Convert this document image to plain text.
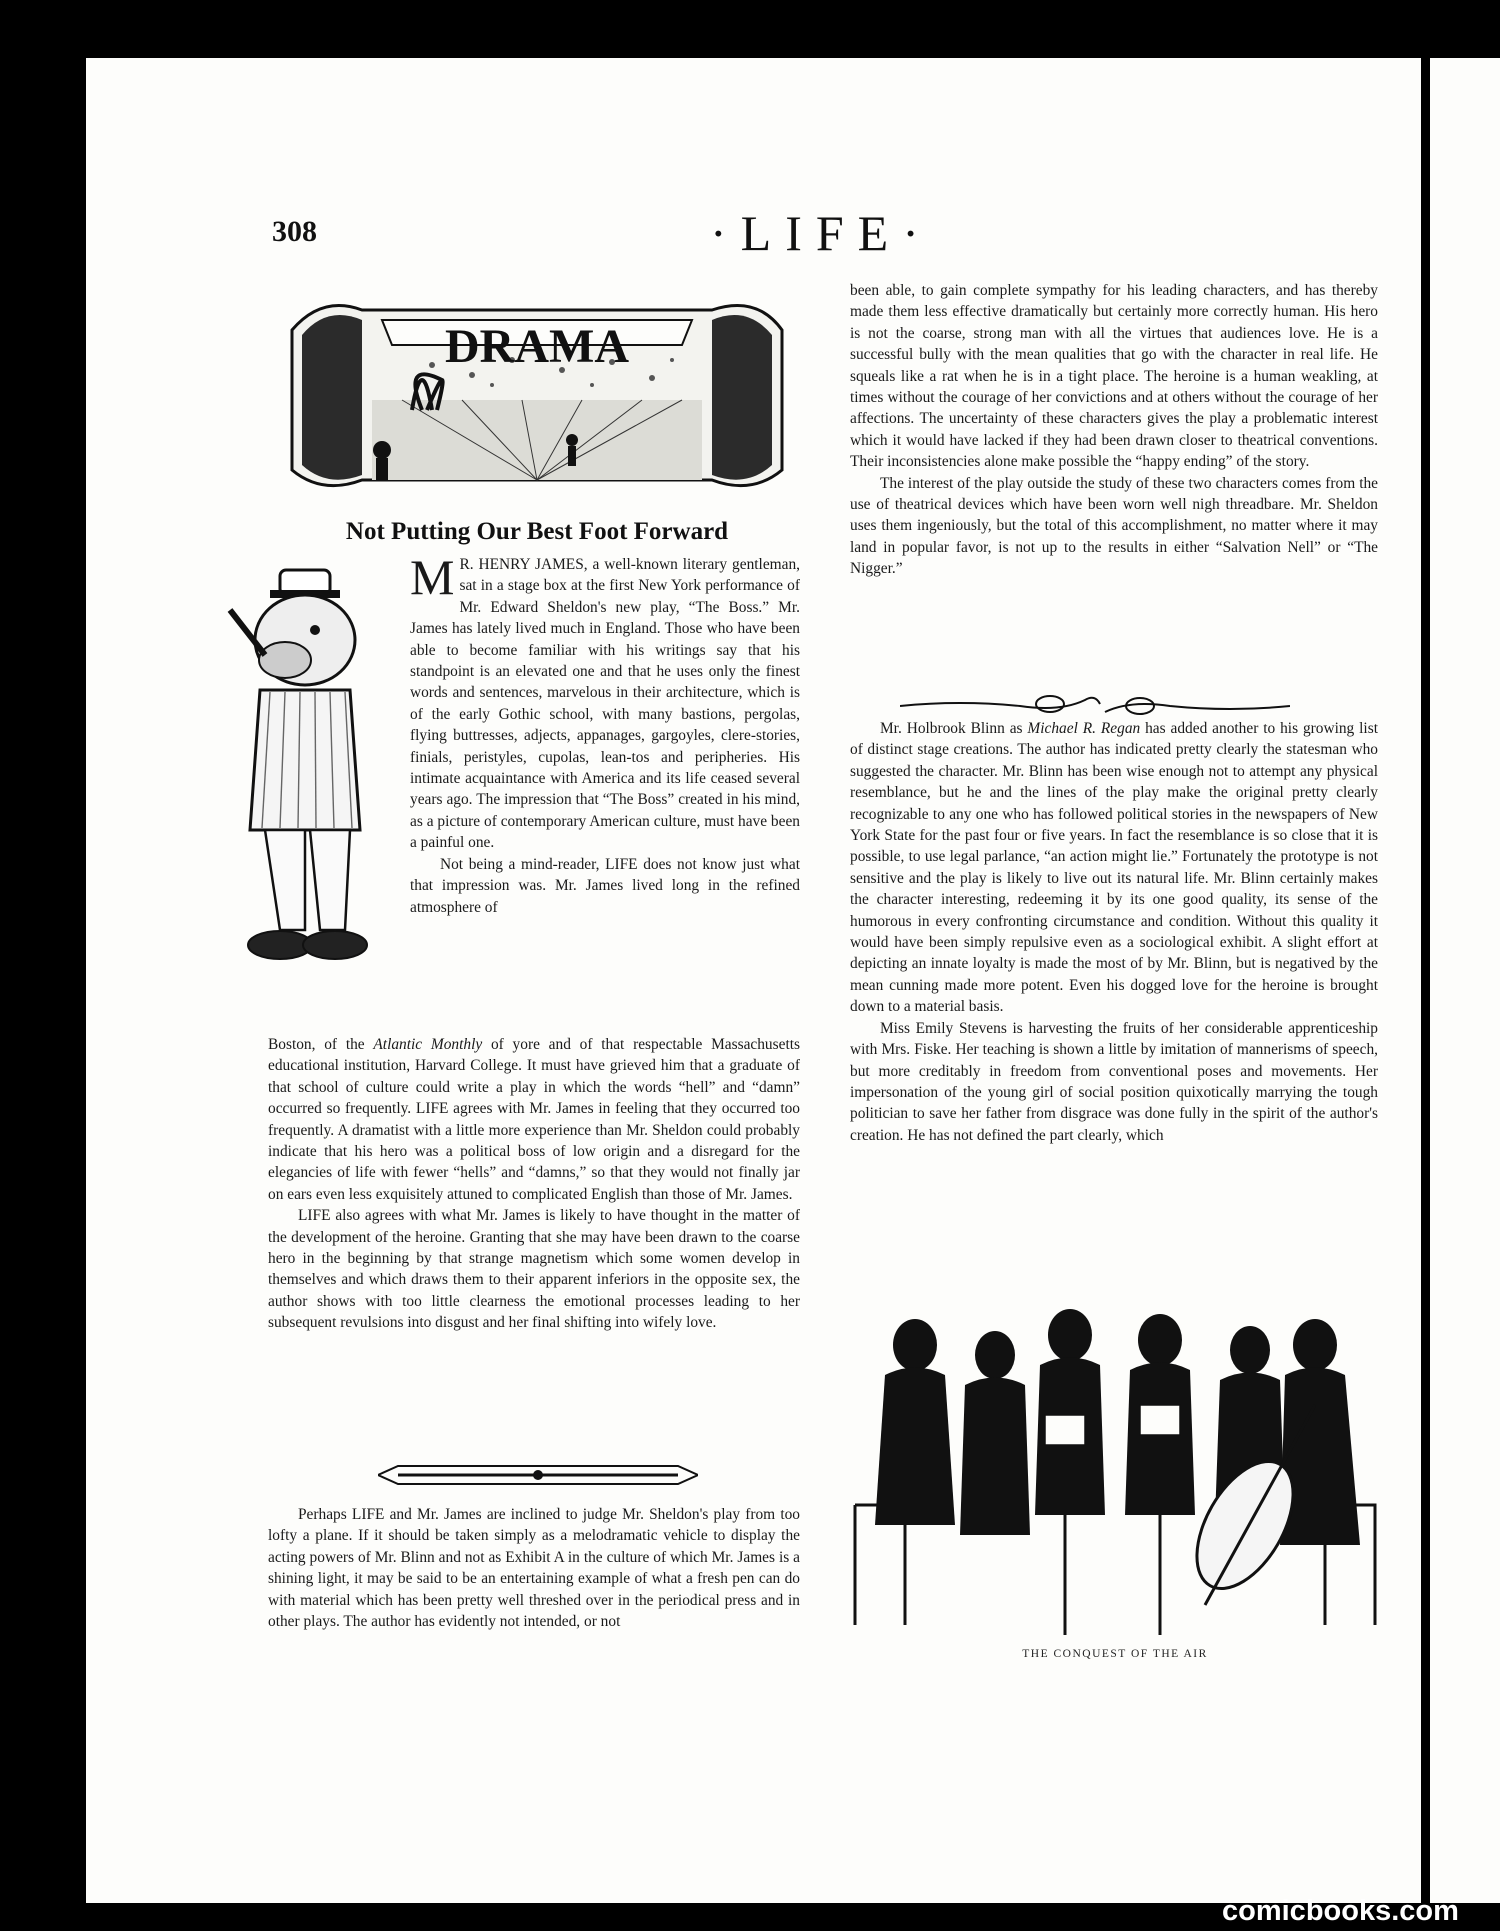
308	·LIFE·
DRAMA
Not Putting Our Best Foot Forward

M R. HENRY JAMES, a well-known literary gentleman, sat in a stage box at the first New York performance of Mr. Edward Sheldon's new play, “The Boss.” Mr. James has lately lived much in England. Those who have been able to become familiar with his writings say that his standpoint is an elevated one and that he uses only the finest words and sentences, marvelous in their architecture, which is of the early Gothic school, with many bastions, pergolas, flying buttresses, adjects, appanages, gargoyles, clere-stories, finials, peristyles, cupolas, lean-tos and peripheries. His intimate acquaintance with America and its life ceased several years ago. The impression that “The Boss” created in his mind, as a picture of contemporary American culture, must have been a painful one.

Not being a mind-reader, LIFE does not know just what that impression was. Mr. James lived long in the refined atmosphere of

Boston, of the Atlantic Monthly of yore and of that respectable Massachusetts educational institution, Harvard College. It must have grieved him that a graduate of that school of culture could write a play in which the words “hell” and “damn” occurred so frequently. LIFE agrees with Mr. James in feeling that they occurred too frequently. A dramatist with a little more experience than Mr. Sheldon could probably indicate that his hero was a political boss of low origin and a disregard for the elegancies of life with fewer “hells” and “damns,” so that they would not finally jar on ears even less exquisitely attuned to complicated English than those of Mr. James.

LIFE also agrees with what Mr. James is likely to have thought in the matter of the development of the heroine. Granting that she may have been drawn to the coarse hero in the beginning by that strange magnetism which some women develop in themselves and which draws them to their apparent inferiors in the opposite sex, the author shows with too little clearness the emotional processes leading to her subsequent revulsions into disgust and her final shifting into wifely love.

Perhaps LIFE and Mr. James are inclined to judge Mr. Sheldon's play from too lofty a plane. If it should be taken simply as a melodramatic vehicle to display the acting powers of Mr. Blinn and not as Exhibit A in the culture of which Mr. James is a shining light, it may be said to be an entertaining example of what a fresh pen can do with material which has been pretty well threshed over in the periodical press and in other plays. The author has evidently not intended, or not

been able, to gain complete sympathy for his leading characters, and has thereby made them less effective dramatically but certainly more correctly human. His hero is not the coarse, strong man with all the virtues that audiences love. He is a successful bully with the mean qualities that go with the character in real life. He squeals like a rat when he is in a tight place. The heroine is a human weakling, at times without the courage of her convictions and at others without the courage of her affections. The uncertainty of these characters gives the play a problematic interest which it would have lacked if they had been drawn closer to theatrical conventions. Their inconsistencies alone make possible the “happy ending” of the story.

The interest of the play outside the study of these two characters comes from the use of theatrical devices which have been worn well nigh threadbare. Mr. Sheldon uses them ingeniously, but the total of this accomplishment, no matter where it may land in popular favor, is not up to the results in either “Salvation Nell” or “The Nigger.”

Mr. Holbrook Blinn as Michael R. Regan has added another to his growing list of distinct stage creations. The author has indicated pretty clearly the statesman who suggested the character. Mr. Blinn has been wise enough not to attempt any physical resemblance, but he and the lines of the play make the original pretty clearly recognizable to any one who has followed political stories in the newspapers of New York State for the past four or five years. In fact the resemblance is so close that it is possible, to use legal parlance, “an action might lie.” Fortunately the prototype is not sensitive and the play is likely to live out its natural life. Mr. Blinn certainly makes the character interesting, redeeming it by its one good quality, its sense of the humorous in every confronting circumstance and condition. Without this quality it would have been simply repulsive even as a sociological exhibit. A slight effort at depicting an innate loyalty is made the most of by Mr. Blinn, but is negatived by the mean cunning made more potent. Even his dogged love for the heroine is brought down to a material basis.

Miss Emily Stevens is harvesting the fruits of her considerable apprenticeship with Mrs. Fiske. Her teaching is shown a little by imitation of mannerisms of speech, but more creditably in freedom from conventional poses and movements. Her impersonation of the young girl of social position quixotically marrying the tough politician to save her father from disgrace was done fully in the spirit of the author's creation. He has not defined the part clearly, which

THE CONQUEST OF THE AIR
comicbooks.com
